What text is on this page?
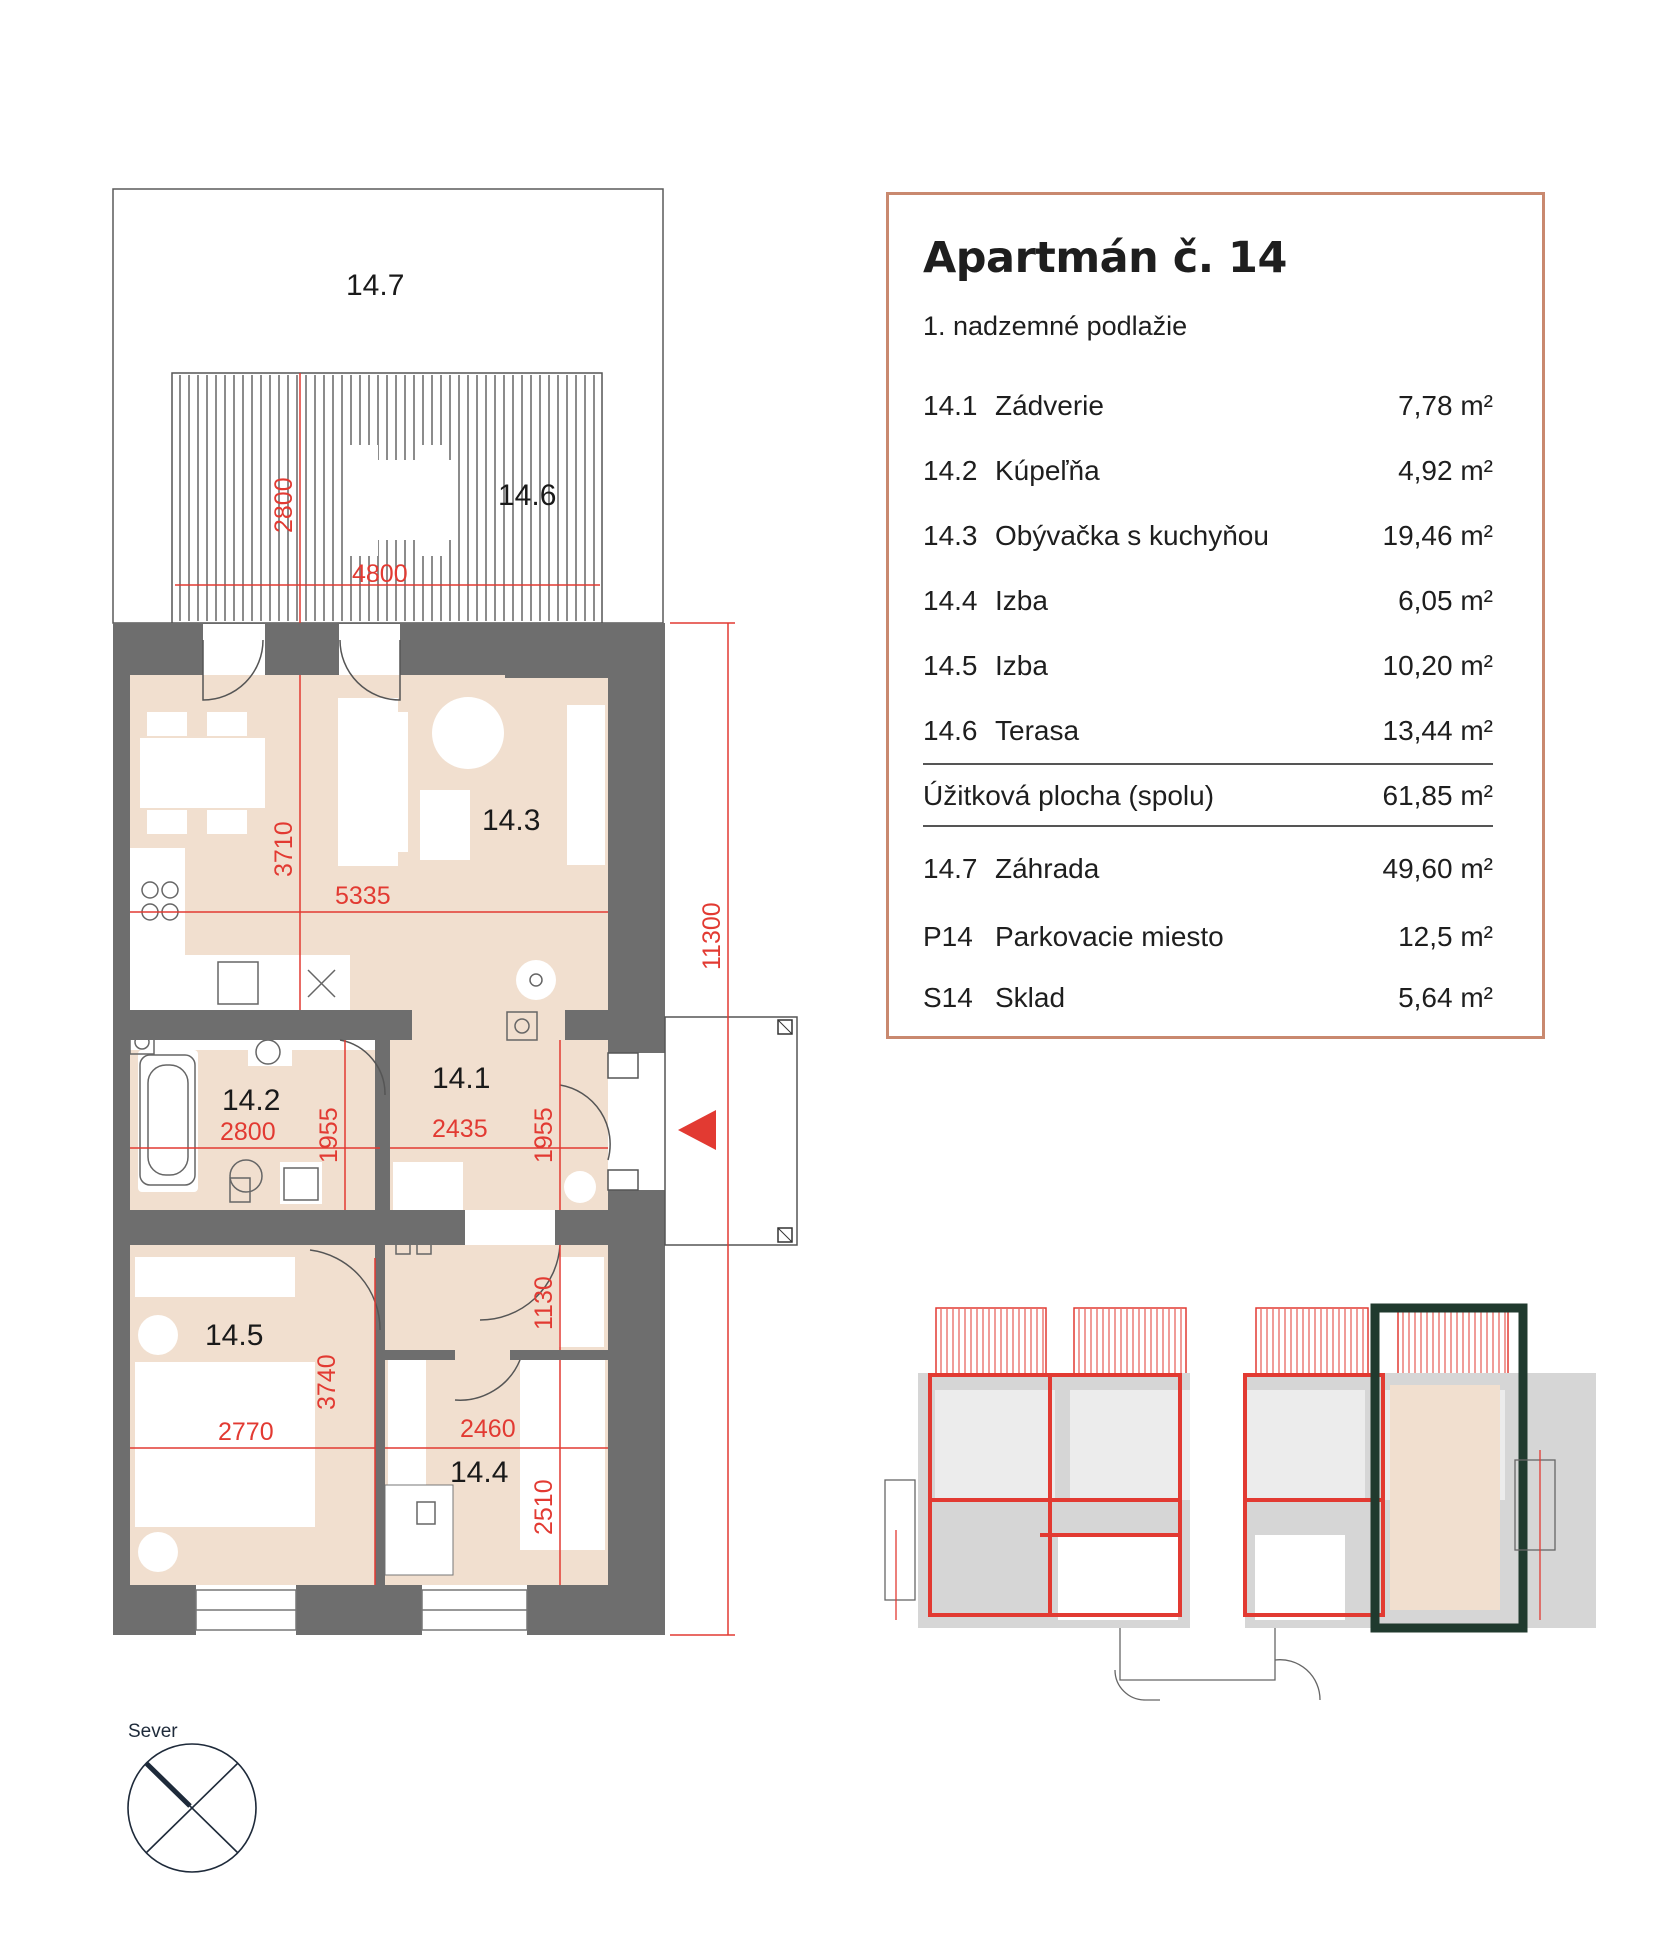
14.7
14.6
14.3
14.2
14.1
14.5
14.4
2800
4800
3710
5335
11300
2800 1955	2435 1955
1130
3740
2770	2460
2510
Sever
Apartmán č. 14
1. nadzemné podlažie
14.1 Zádverie	7,78 m²
14.2 Kúpeľňa	4,92 m²
14.3 Obývačka s kuchyňou	19,46 m²
14.4 Izba	6,05 m²
14.5 Izba	10,20 m²
14.6 Terasa	13,44 m²
Úžitková plocha (spolu)	61,85 m²
14.7 Záhrada	49,60 m²
P14 Parkovacie miesto	12,5 m²
S14 Sklad	5,64 m²
